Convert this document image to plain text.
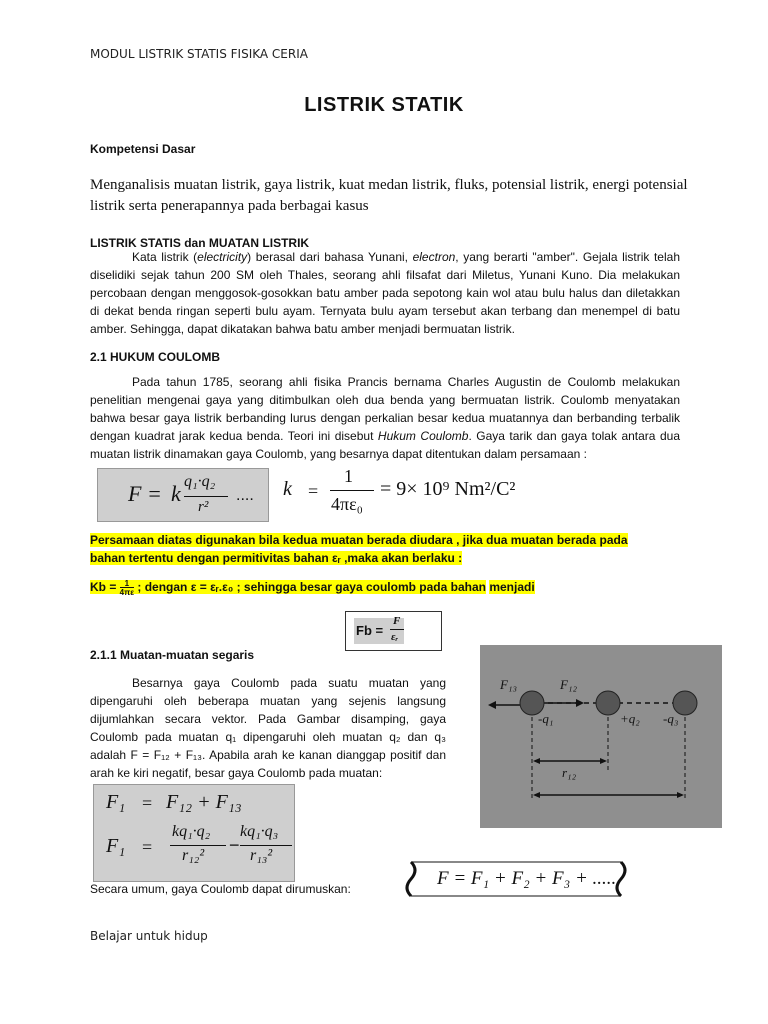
MODUL LISTRIK STATIS FISIKA CERIA
LISTRIK STATIK
Kompetensi Dasar
Menganalisis muatan listrik, gaya listrik, kuat medan listrik, fluks, potensial listrik, energi potensial listrik serta penerapannya pada berbagai kasus
LISTRIK STATIS dan MUATAN LISTRIK
Kata listrik (electricity) berasal dari bahasa Yunani, electron, yang berarti "amber". Gejala listrik telah diselidiki sejak tahun 200 SM oleh Thales, seorang ahli filsafat dari Miletus, Yunani Kuno. Dia melakukan percobaan dengan menggosok-gosokkan batu amber pada sepotong kain wol atau bulu halus dan diletakkan di dekat benda ringan seperti bulu ayam. Ternyata bulu ayam tersebut akan terbang dan menempel di batu amber. Sehingga, dapat dikatakan bahwa batu amber menjadi bermuatan listrik.
2.1 HUKUM COULOMB
Pada tahun 1785, seorang ahli fisika Prancis bernama Charles Augustin de Coulomb melakukan penelitian mengenai gaya yang ditimbulkan oleh dua benda yang bermuatan listrik. Coulomb menyatakan bahwa besar gaya listrik berbanding lurus dengan perkalian besar kedua muatannya dan berbanding terbalik dengan kuadrat jarak kedua benda. Teori ini disebut Hukum Coulomb. Gaya tarik dan gaya tolak antara dua muatan listrik dinamakan gaya Coulomb, yang besarnya dapat ditentukan dalam persamaan :
F = k q₁·q₂
r²
.... k =
1
4πε₀
= 9× 10⁹ Nm²/C²
Persamaan diatas digunakan bila kedua muatan berada diudara , jika dua muatan berada pada
bahan tertentu dengan permitivitas bahan εᵣ ,maka akan berlaku :
$Kb = \frac{1}{4\pi\varepsilon}$ ; dengan ε = εᵣ.ε₀ ; sehingga besar gaya coulomb pada bahan menjadi
Fb =
F
εᵣ
2.1.1 Muatan-muatan segaris
Besarnya gaya Coulomb pada suatu muatan yang dipengaruhi oleh beberapa muatan yang sejenis langsung dijumlahkan secara vektor. Pada Gambar disamping, gaya Coulomb pada muatan q₁ dipengaruhi oleh muatan q₂ dan q₃ adalah F = F₁₂ + F₁₃. Apabila arah ke kanan dianggap positif dan arah ke kiri negatif, besar gaya Coulomb pada muatan:
F₁₃	F₁₂
-q₁	+q₂ -q₃
r₁₂
F₁ = F₁₂ + F₁₃
F₁ =
kq₁·q₂
r₁₂²
−
kq₁·q₃
r₁₃²
Secara umum, gaya Coulomb dapat dirumuskan:	F = F₁ + F₂ + F₃ + .....
Belajar untuk hidup
